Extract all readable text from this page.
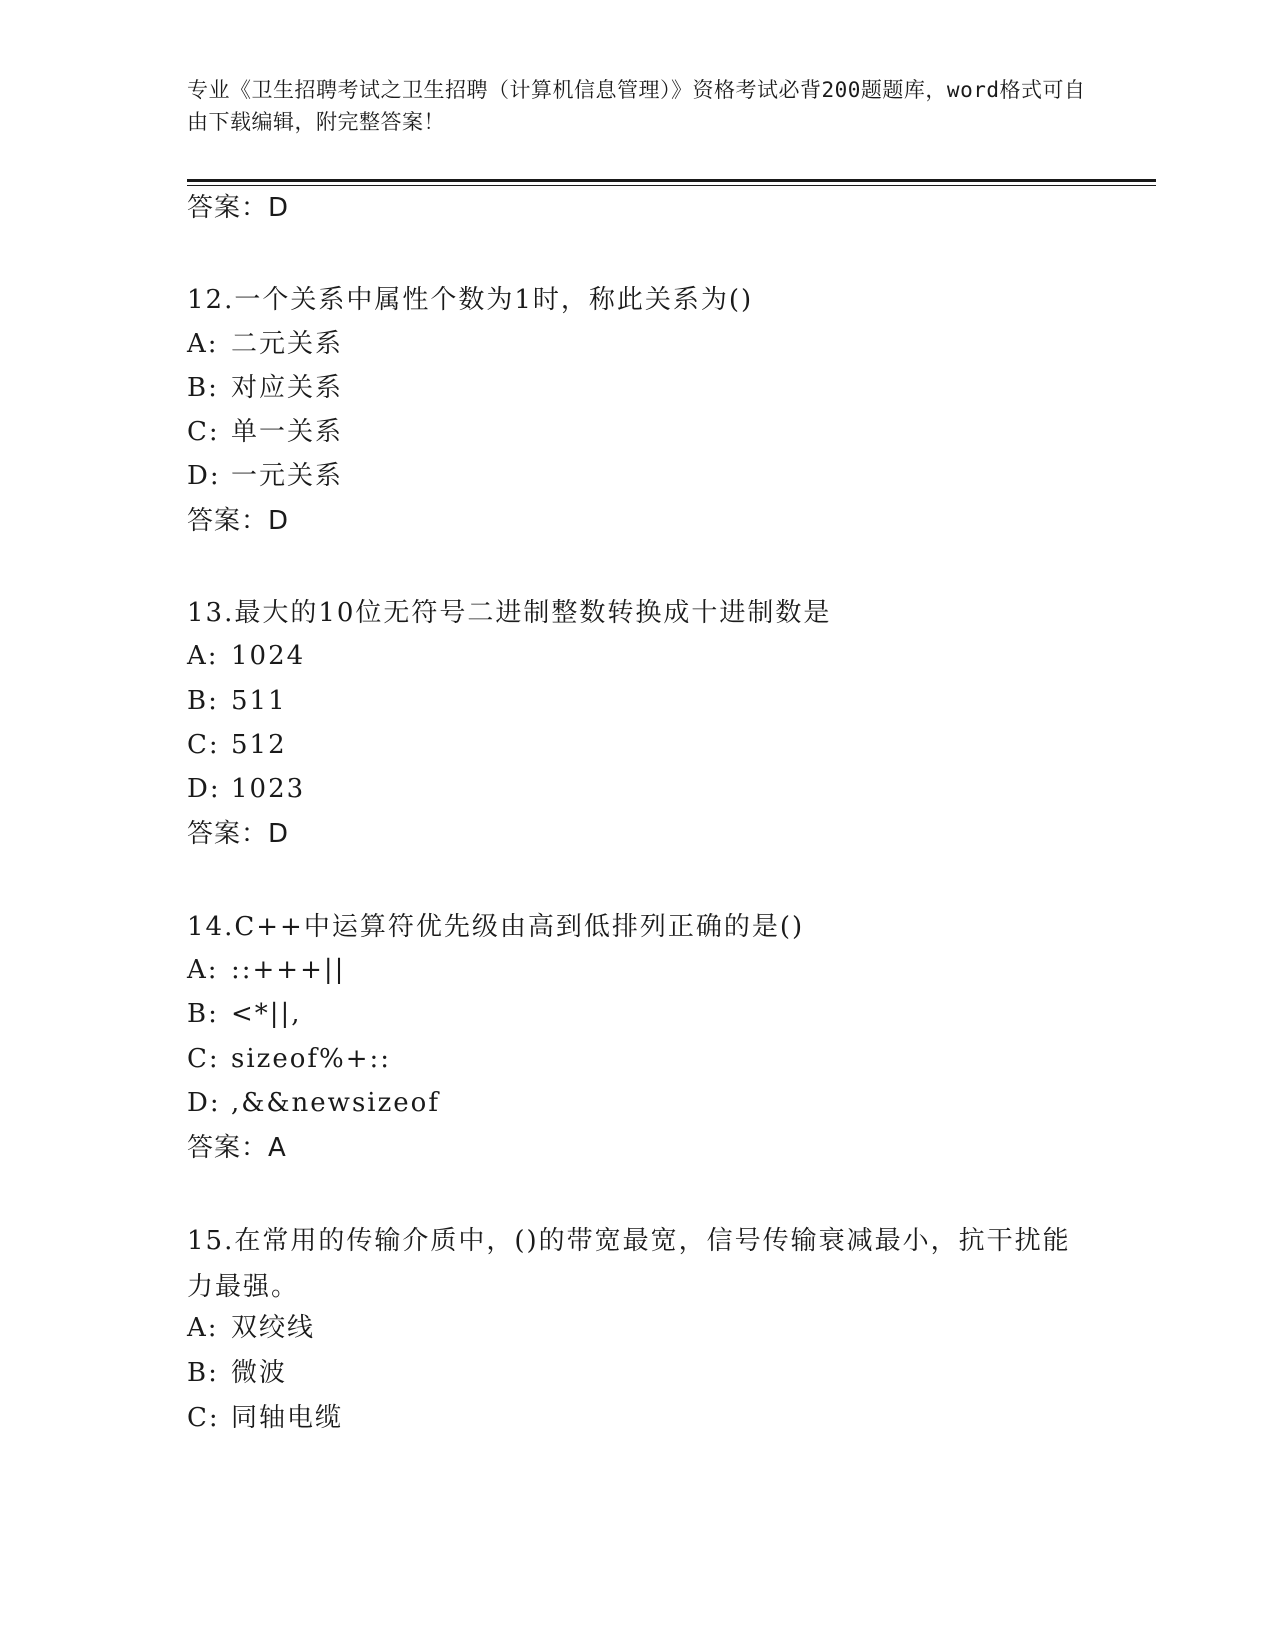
专业《卫生招聘考试之卫生招聘（计算机信息管理）》资格考试必背200题题库，word格式可自由下载编辑，附完整答案！
答案：D
12.一个关系中属性个数为1时，称此关系为()
A: 二元关系
B: 对应关系
C: 单一关系
D: 一元关系
答案：D
13.最大的10位无符号二进制整数转换成十进制数是
A: 1024
B: 511
C: 512
D: 1023
答案：D
14.C++中运算符优先级由高到低排列正确的是()
A: ::+++||
B: <*||,
C: sizeof%+::
D: ,&&newsizeof
答案：A
15.在常用的传输介质中，()的带宽最宽，信号传输衰减最小，抗干扰能力最强。
A: 双绞线
B: 微波
C: 同轴电缆
